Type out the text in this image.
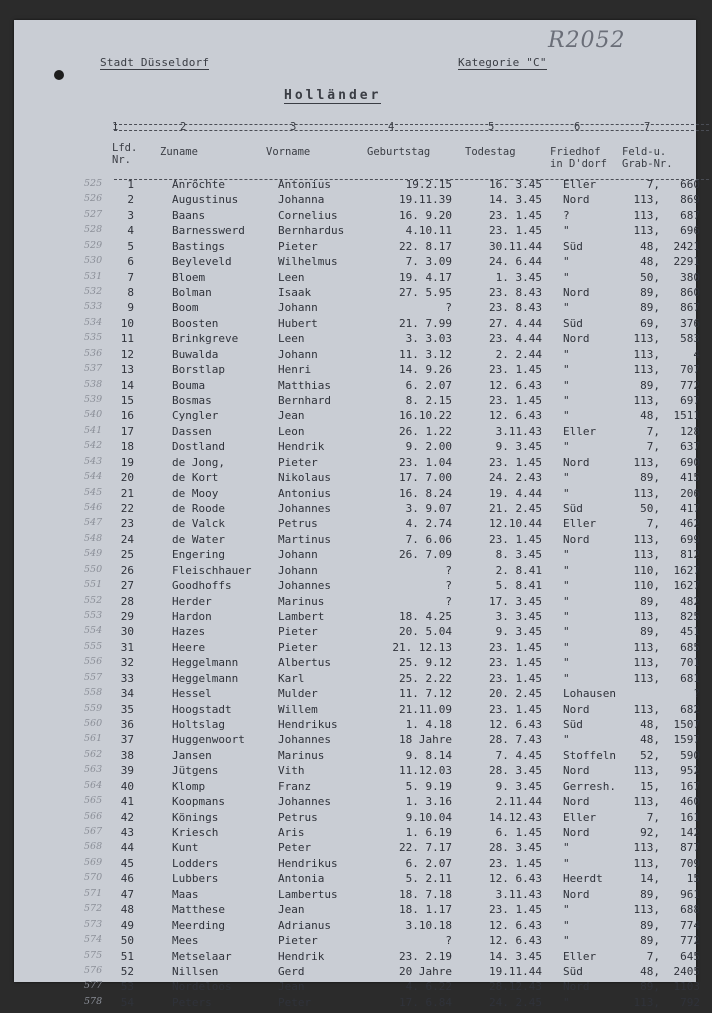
R2052
Stadt Düsseldorf	Kategorie "C"
Holländer
1	2	3	4	5	6	7
Lfd.
Nr.
Zuname	Vorname	Geburtstag	Todestag	Friedhof
in D'dorf
Feld-u.
Grab-Nr.
525	1	Anröchte	Antonius	19.2.15	16. 3.45 Eller	7,	660
526	2	Augustinus	Johanna	19.11.39	14. 3.45 Nord	113,	869
527	3	Baans	Cornelius	16. 9.20	23. 1.45 ?	113,	687
528	4	Barnesswerd	Bernhardus	4.10.11	23. 1.45 "	113,	696
529	5	Bastings	Pieter	22. 8.17	30.11.44 Süd	48,	2421
530	6	Beyleveld	Wilhelmus	7. 3.09	24. 6.44 "	48,	2291
531	7	Bloem	Leen	19. 4.17	1. 3.45 "	50,	380
532	8	Bolman	Isaak	27. 5.95	23. 8.43 Nord	89,	860
533	9	Boom	Johann	?	23. 8.43 "	89,	867
534	10	Boosten	Hubert	21. 7.99	27. 4.44 Süd	69,	376
535	11	Brinkgreve	Leen	3. 3.03	23. 4.44 Nord	113,	583
536	12	Buwalda	Johann	11. 3.12	2. 2.44 "	113,	4
537	13	Borstlap	Henri	14. 9.26	23. 1.45 "	113,	707
538	14	Bouma	Matthias	6. 2.07	12. 6.43 "	89,	772
539	15	Bosmas	Bernhard	8. 2.15	23. 1.45 "	113,	697
540	16	Cyngler	Jean	16.10.22	12. 6.43 "	48,	1511
541	17	Dassen	Leon	26. 1.22	3.11.43 Eller	7,	128
542	18	Dostland	Hendrik	9. 2.00	9. 3.45 "	7,	637
543	19	de Jong,	Pieter	23. 1.04	23. 1.45 Nord	113,	690
544	20	de Kort	Nikolaus	17. 7.00	24. 2.43 "	89,	415
545	21	de Mooy	Antonius	16. 8.24	19. 4.44 "	113,	206
546	22	de Roode	Johannes	3. 9.07	21. 2.45 Süd	50,	417
547	23	de Valck	Petrus	4. 2.74	12.10.44 Eller	7,	462
548	24	de Water	Martinus	7. 6.06	23. 1.45 Nord	113,	699
549	25	Engering	Johann	26. 7.09	8. 3.45 "	113,	812
550	26	Fleischhauer Johann	?	2. 8.41 "	110,	1627
551	27	Goodhoffs	Johannes	?	5. 8.41 "	110,	1627
552	28	Herder	Marinus	?	17. 3.45 "	89,	482
553	29	Hardon	Lambert	18. 4.25	3. 3.45 "	113,	825
554	30	Hazes	Pieter	20. 5.04	9. 3.45 "	89,	451
555	31	Heere	Pieter	21. 12.13	23. 1.45 "	113,	685
556	32	Heggelmann	Albertus	25. 9.12	23. 1.45 "	113,	701
557	33	Heggelmann	Karl	25. 2.22	23. 1.45 "	113,	681
558	34	Hessel	Mulder	11. 7.12	20. 2.45 Lohausen	?
559	35	Hoogstadt	Willem	21.11.09	23. 1.45 Nord	113,	682
560	36	Holtslag	Hendrikus	1. 4.18	12. 6.43 Süd	48,	1507
561	37	Huggenwoort	Johannes	18 Jahre	28. 7.43 "	48,	1597
562	38	Jansen	Marinus	9. 8.14	7. 4.45 Stoffeln	52,	590
563	39	Jütgens	Vith	11.12.03	28. 3.45 Nord	113,	952
564	40	Klomp	Franz	5. 9.19	9. 3.45 Gerresh.	15,	167
565	41	Koopmans	Johannes	1. 3.16	2.11.44 Nord	113,	460
566	42	Könings	Petrus	9.10.04	14.12.43 Eller	7,	161
567	43	Kriesch	Aris	1. 6.19	6. 1.45 Nord	92,	142
568	44	Kunt	Peter	22. 7.17	28. 3.45 "	113,	877
569	45	Lodders	Hendrikus	6. 2.07	23. 1.45 "	113,	709
570	46	Lubbers	Antonia	5. 2.11	12. 6.43 Heerdt	14,	15
571	47	Maas	Lambertus	18. 7.18	3.11.43 Nord	89,	961
572	48	Matthese	Jean	18. 1.17	23. 1.45 "	113,	688
573	49	Meerding	Adrianus	3.10.18	12. 6.43 "	89,	774
574	50	Mees	Pieter	?	12. 6.43 "	89,	772
575	51	Metselaar	Hendrik	23. 2.19	14. 3.45 Eller	7,	645
576	52	Nillsen	Gerd	20 Jahre	19.11.44 Süd	48,	2405
577	53	Nordeloos	Jean	4. 6.22	28.12.43 Nord	89,	1103
578	54	Peters	Peter	17. 6.84	24. 2.45 "	113,	792
